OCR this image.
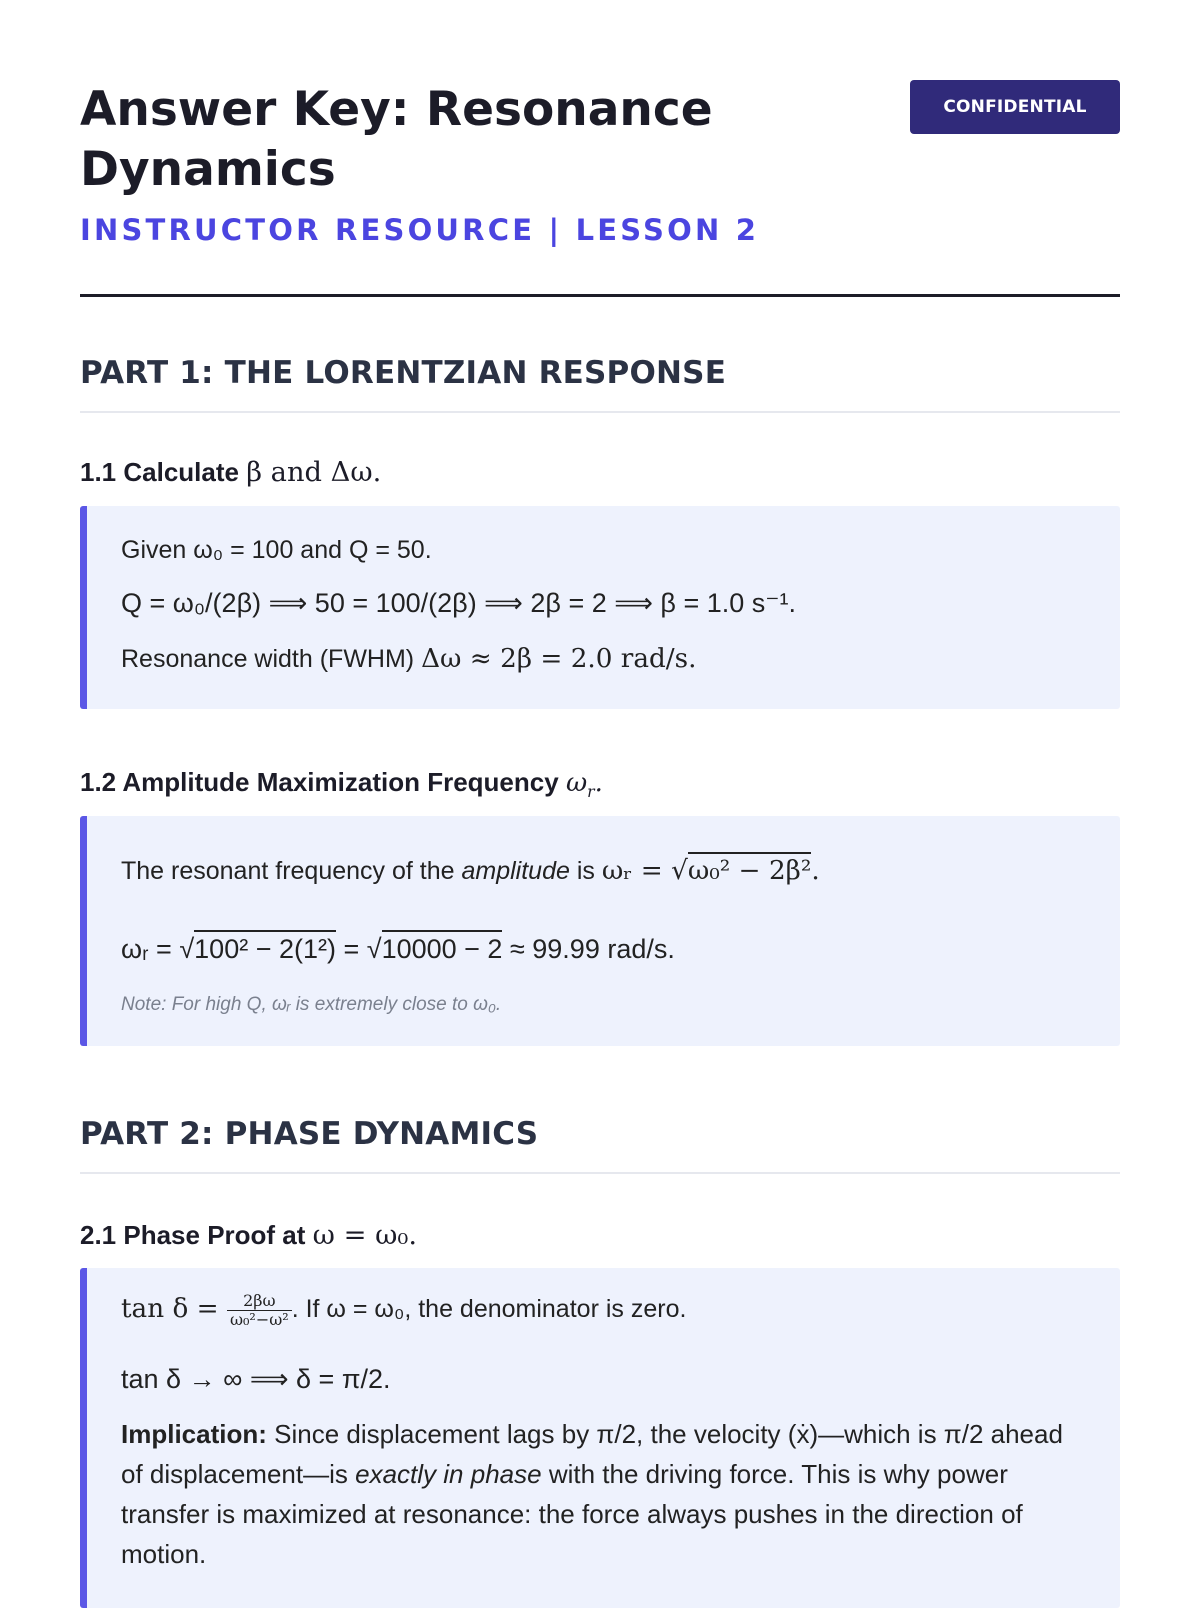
Answer Key: Resonance Dynamics
CONFIDENTIAL
INSTRUCTOR RESOURCE | LESSON 2
PART 1: THE LORENTZIAN RESPONSE
1.1 Calculate β and Δω.
Given ω₀ = 100 and Q = 50.
Q = ω₀/(2β) ⟹ 50 = 100/(2β) ⟹ 2β = 2 ⟹ β = 1.0 s⁻¹.
Resonance width (FWHM) Δω ≈ 2β = 2.0 rad/s.
1.2 Amplitude Maximization Frequency $\omega_r$.
The resonant frequency of the amplitude is ωᵣ = √ω₀² − 2β².
ωᵣ = √100² − 2(1²) = √10000 − 2 ≈ 99.99 rad/s.
Note: For high Q, ωᵣ is extremely close to ω₀.
PART 2: PHASE DYNAMICS
2.1 Phase Proof at ω = ω₀.
$\tan \delta = \frac{2\beta\omega}{\text{ω₀²−ω²}}$ . If ω = ω₀, the denominator is zero.
tan δ → ∞ ⟹ δ = π/2.
Implication: Since displacement lags by π/2, the velocity (ẋ)—which is π/2 ahead of displacement—is exactly in phase with the driving force. This is why power transfer is maximized at resonance: the force always pushes in the direction of motion.
